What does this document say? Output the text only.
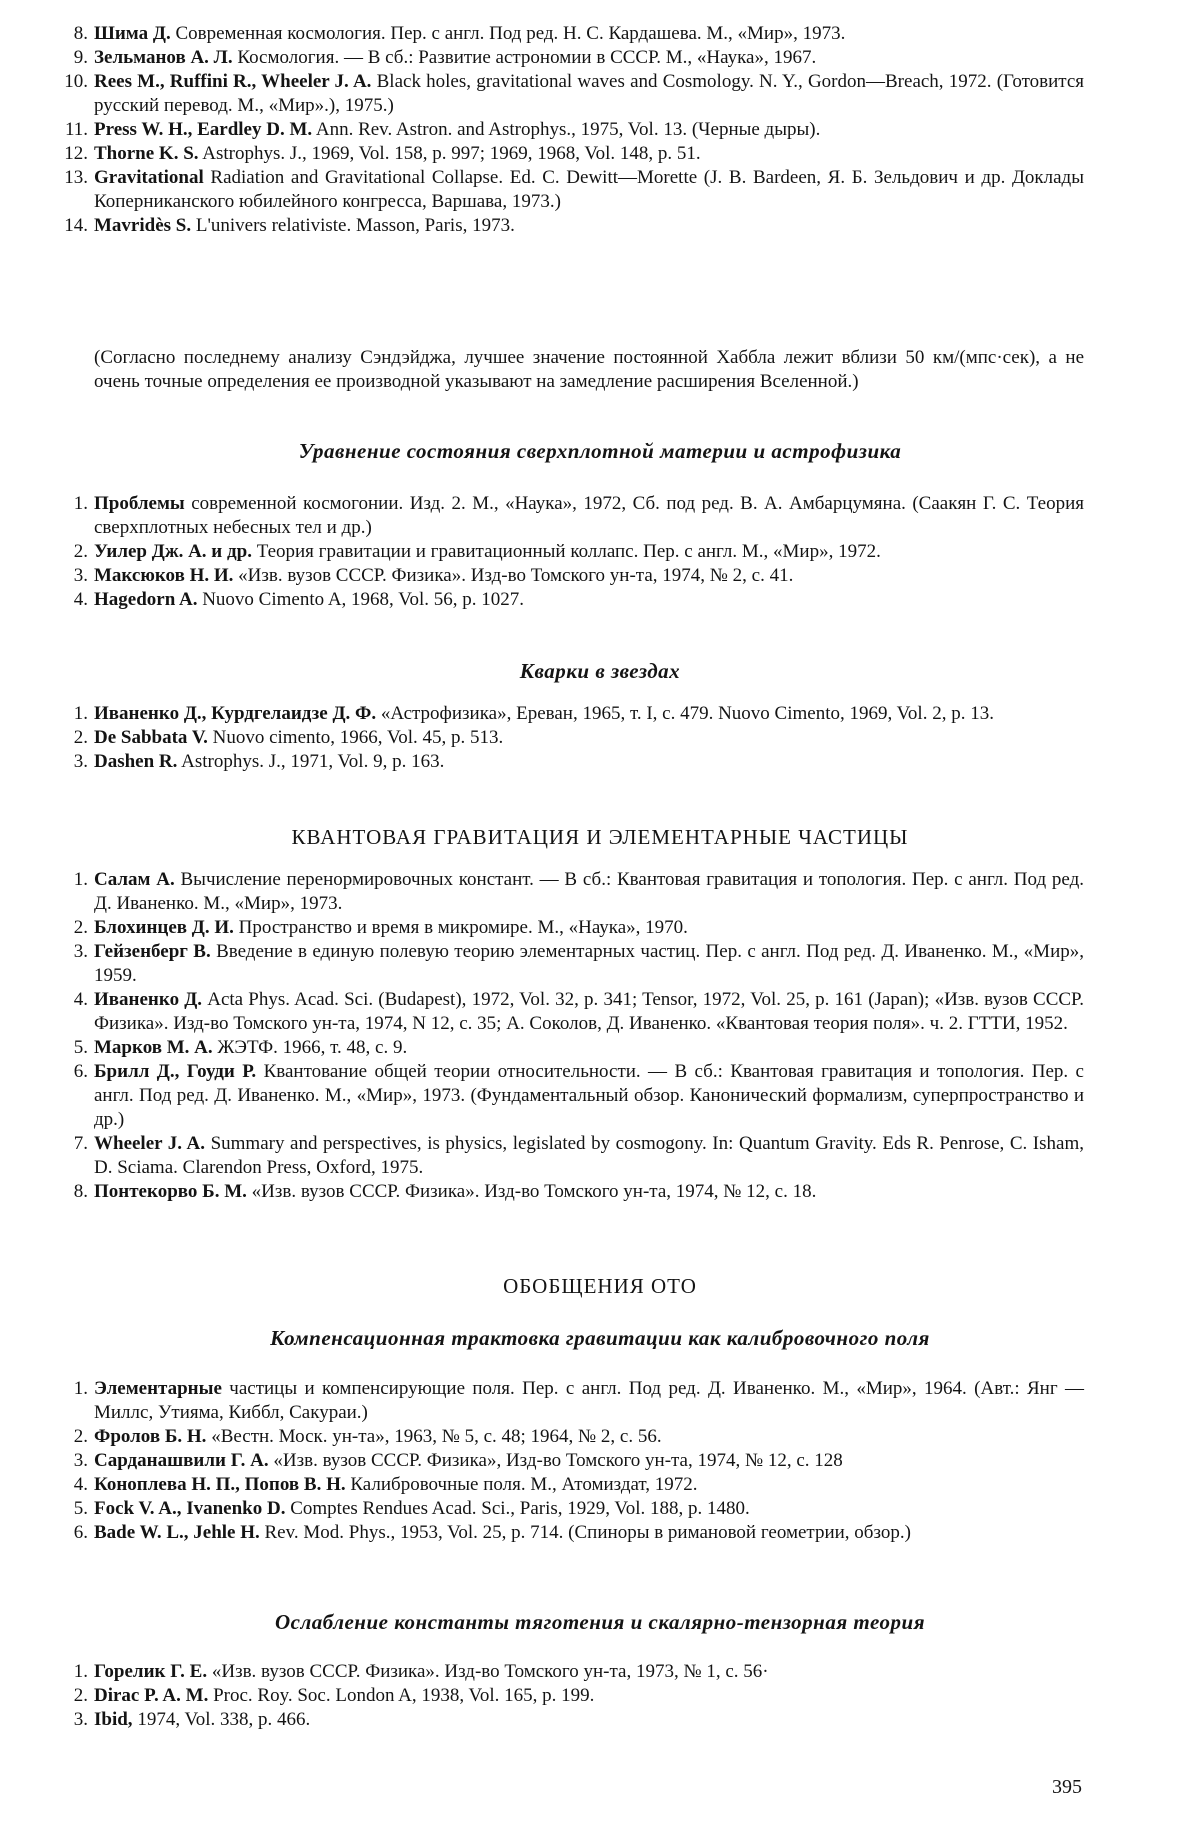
8. Шима Д. Современная космология. Пер. с англ. Под ред. Н. С. Кардашева. М., «Мир», 1973.
9. Зельманов А. Л. Космология. — В сб.: Развитие астрономии в СССР. М., «Наука», 1967.
10. Rees M., Ruffini R., Wheeler J. A. Black holes, gravitational waves and Cosmology. N. Y., Gordon—Breach, 1972. (Готовится русский перевод. М., «Мир».), 1975.)
11. Press W. H., Eardley D. M. Ann. Rev. Astron. and Astrophys., 1975, Vol. 13. (Черные дыры).
12. Thorne K. S. Astrophys. J., 1969, Vol. 158, p. 997; 1969, 1968, Vol. 148, p. 51.
13. Gravitational Radiation and Gravitational Collapse. Ed. C. Dewitt—Morette (J. B. Bardeen, Я. Б. Зельдович и др. Доклады Коперниканского юбилейного конгресса, Варшава, 1973.)
14. Mavridès S. L'univers relativiste. Masson, Paris, 1973.
(Согласно последнему анализу Сэндэйджа, лучшее значение постоянной Хаббла лежит вблизи 50 км/(мпс·сек), а не очень точные определения ее производной указывают на замедление расширения Вселенной.)
Уравнение состояния сверхплотной материи и астрофизика
1. Проблемы современной космогонии. Изд. 2. М., «Наука», 1972, Сб. под ред. В. А. Амбарцумяна. (Саакян Г. С. Теория сверхплотных небесных тел и др.)
2. Уилер Дж. А. и др. Теория гравитации и гравитационный коллапс. Пер. с англ. М., «Мир», 1972.
3. Максюков Н. И. «Изв. вузов СССР. Физика». Изд-во Томского ун-та, 1974, № 2, с. 41.
4. Hagedorn A. Nuovo Cimento A, 1968, Vol. 56, p. 1027.
Кварки в звездах
1. Иваненко Д., Курдгелаидзе Д. Ф. «Астрофизика», Ереван, 1965, т. I, с. 479. Nuovo Cimento, 1969, Vol. 2, p. 13.
2. De Sabbata V. Nuovo cimento, 1966, Vol. 45, p. 513.
3. Dashen R. Astrophys. J., 1971, Vol. 9, p. 163.
КВАНТОВАЯ ГРАВИТАЦИЯ И ЭЛЕМЕНТАРНЫЕ ЧАСТИЦЫ
1. Салам А. Вычисление перенормировочных констант. — В сб.: Квантовая гравитация и топология. Пер. с англ. Под ред. Д. Иваненко. М., «Мир», 1973.
2. Блохинцев Д. И. Пространство и время в микромире. М., «Наука», 1970.
3. Гейзенберг В. Введение в единую полевую теорию элементарных частиц. Пер. с англ. Под ред. Д. Иваненко. М., «Мир», 1959.
4. Иваненко Д. Acta Phys. Acad. Sci. (Budapest), 1972, Vol. 32, p. 341; Tensor, 1972, Vol. 25, p. 161 (Japan); «Изв. вузов СССР. Физика». Изд-во Томского ун-та, 1974, N 12, с. 35; А. Соколов, Д. Иваненко. «Квантовая теория поля». ч. 2. ГТТИ, 1952.
5. Марков М. А. ЖЭТФ. 1966, т. 48, с. 9.
6. Брилл Д., Гоуди Р. Квантование общей теории относительности. — В сб.: Квантовая гравитация и топология. Пер. с англ. Под ред. Д. Иваненко. М., «Мир», 1973. (Фундаментальный обзор. Канонический формализм, суперпространство и др.)
7. Wheeler J. A. Summary and perspectives, is physics, legislated by cosmogony. In: Quantum Gravity. Eds R. Penrose, C. Isham, D. Sciama. Clarendon Press, Oxford, 1975.
8. Понтекорво Б. М. «Изв. вузов СССР. Физика». Изд-во Томского ун-та, 1974, № 12, с. 18.
ОБОБЩЕНИЯ ОТО
Компенсационная трактовка гравитации как калибровочного поля
1. Элементарные частицы и компенсирующие поля. Пер. с англ. Под ред. Д. Иваненко. М., «Мир», 1964. (Авт.: Янг — Миллс, Утияма, Киббл, Сакураи.)
2. Фролов Б. Н. «Вестн. Моск. ун-та», 1963, № 5, с. 48; 1964, № 2, с. 56.
3. Сарданашвили Г. А. «Изв. вузов СССР. Физика», Изд-во Томского ун-та, 1974, № 12, с. 128
4. Коноплева Н. П., Попов В. Н. Калибровочные поля. М., Атомиздат, 1972.
5. Fock V. A., Ivanenko D. Comptes Rendues Acad. Sci., Paris, 1929, Vol. 188, p. 1480.
6. Bade W. L., Jehle H. Rev. Mod. Phys., 1953, Vol. 25, p. 714. (Спиноры в римановой геометрии, обзор.)
Ослабление константы тяготения и скалярно-тензорная теория
1. Горелик Г. Е. «Изв. вузов СССР. Физика». Изд-во Томского ун-та, 1973, № 1, с. 56·
2. Dirac P. A. M. Proc. Roy. Soc. London A, 1938, Vol. 165, p. 199.
3. Ibid, 1974, Vol. 338, p. 466.
395
